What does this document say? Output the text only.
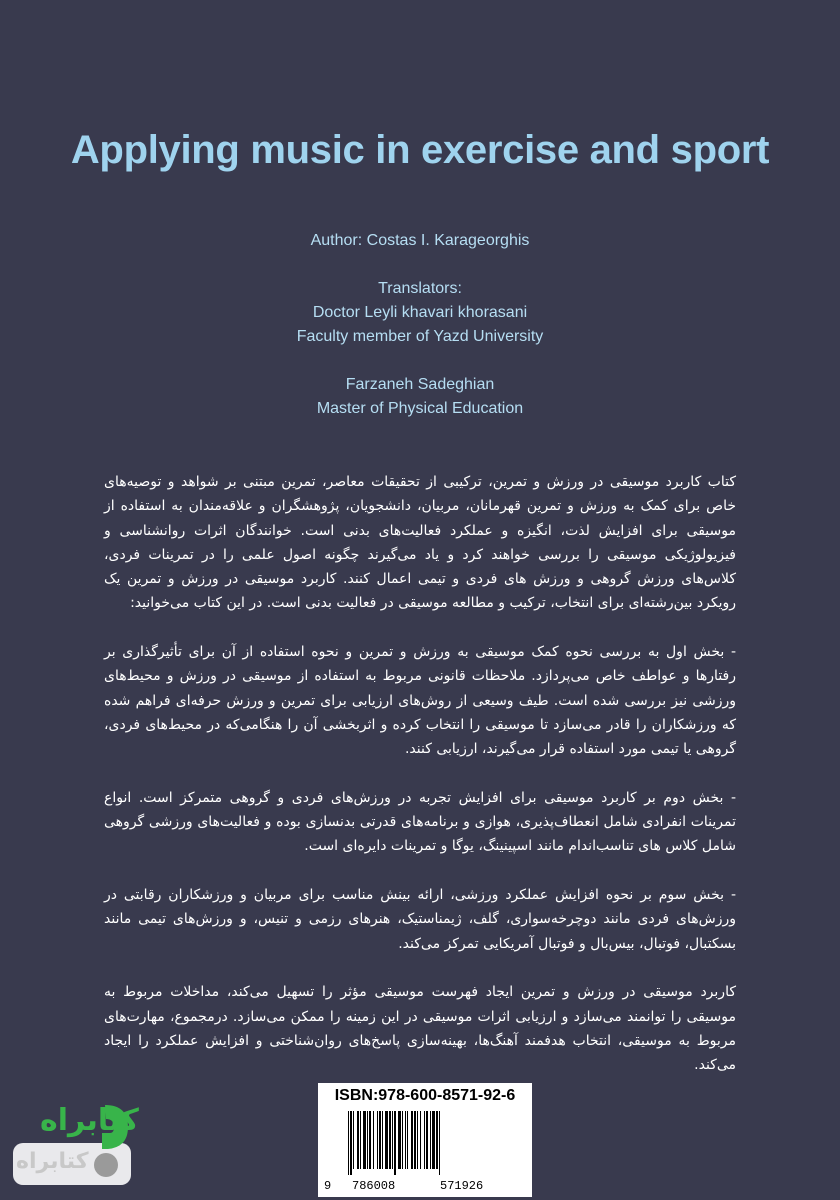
Applying music in exercise and sport
Author: Costas I. Karageorghis
Translators:
Doctor Leyli khavari khorasani
Faculty member of Yazd University
Farzaneh Sadeghian
Master of Physical Education

کتاب کاربرد موسیقی در ورزش و تمرین، ترکیبی از تحقیقات معاصر، تمرین مبتنی بر شواهد و توصیه‌های خاص برای کمک به ورزش و تمرین قهرمانان، مربیان، دانشجویان، پژوهشگران و علاقه‌مندان به استفاده از موسیقی برای افزایش لذت، انگیزه و عملکرد فعالیت‌های بدنی است. خوانندگان اثرات روانشناسی و فیزیولوژیکی موسیقی را بررسی خواهند کرد و یاد می‌گیرند چگونه اصول علمی را در تمرینات فردی، کلاس‌های ورزش گروهی و ورزش های فردی و تیمی اعمال کنند. کاربرد موسیقی در ورزش و تمرین یک رویکرد بین‌رشته‌ای برای انتخاب، ترکیب و مطالعه موسیقی در فعالیت بدنی است. در این کتاب می‌خوانید:

- بخش اول به بررسی نحوه کمک موسیقی به ورزش و تمرین و نحوه استفاده از آن برای تأثیرگذاری بر رفتارها و عواطف خاص می‌پردازد. ملاحظات قانونی مربوط به استفاده از موسیقی در ورزش و محیط‌های ورزشی نیز بررسی شده است. طیف وسیعی از روش‌های ارزیابی برای تمرین و ورزش حرفه‌ای فراهم شده که ورزشکاران را قادر می‌سازد تا موسیقی را انتخاب کرده و اثربخشی آن را هنگامی‌که در محیط‌های فردی، گروهی یا تیمی مورد استفاده قرار می‌گیرند، ارزیابی کنند.

- بخش دوم بر کاربرد موسیقی برای افزایش تجربه در ورزش‌های فردی و گروهی متمرکز است. انواع تمرینات انفرادی شامل انعطاف‌پذیری، هوازی و برنامه‌های قدرتی بدنسازی بوده و فعالیت‌های ورزشی گروهی شامل کلاس های تناسب‌اندام مانند اسپینینگ، یوگا و تمرینات دایره‌ای است.

- بخش سوم بر نحوه افزایش عملکرد ورزشی، ارائه بینش مناسب برای مربیان و ورزشکاران رقابتی در ورزش‌های فردی مانند دوچرخه‌سواری، گلف، ژیمناستیک، هنرهای رزمی و تنیس، و ورزش‌های تیمی مانند بسکتبال، فوتبال، بیس‌بال و فوتبال آمریکایی تمرکز می‌کند.

کاربرد موسیقی در ورزش و تمرین ایجاد فهرست موسیقی مؤثر را تسهیل می‌کند، مداخلات مربوط به موسیقی را توانمند می‌سازد و ارزیابی اثرات موسیقی در این زمینه را ممکن می‌سازد. درمجموع، مهارت‌های مربوط به موسیقی، انتخاب هدفمند آهنگ‌ها، بهینه‌سازی پاسخ‌های روان‌شناختی و افزایش عملکرد را ایجاد می‌کند.

ISBN:978-600-8571-92-6
9 786008	571926
کتابراه
کتابراه
